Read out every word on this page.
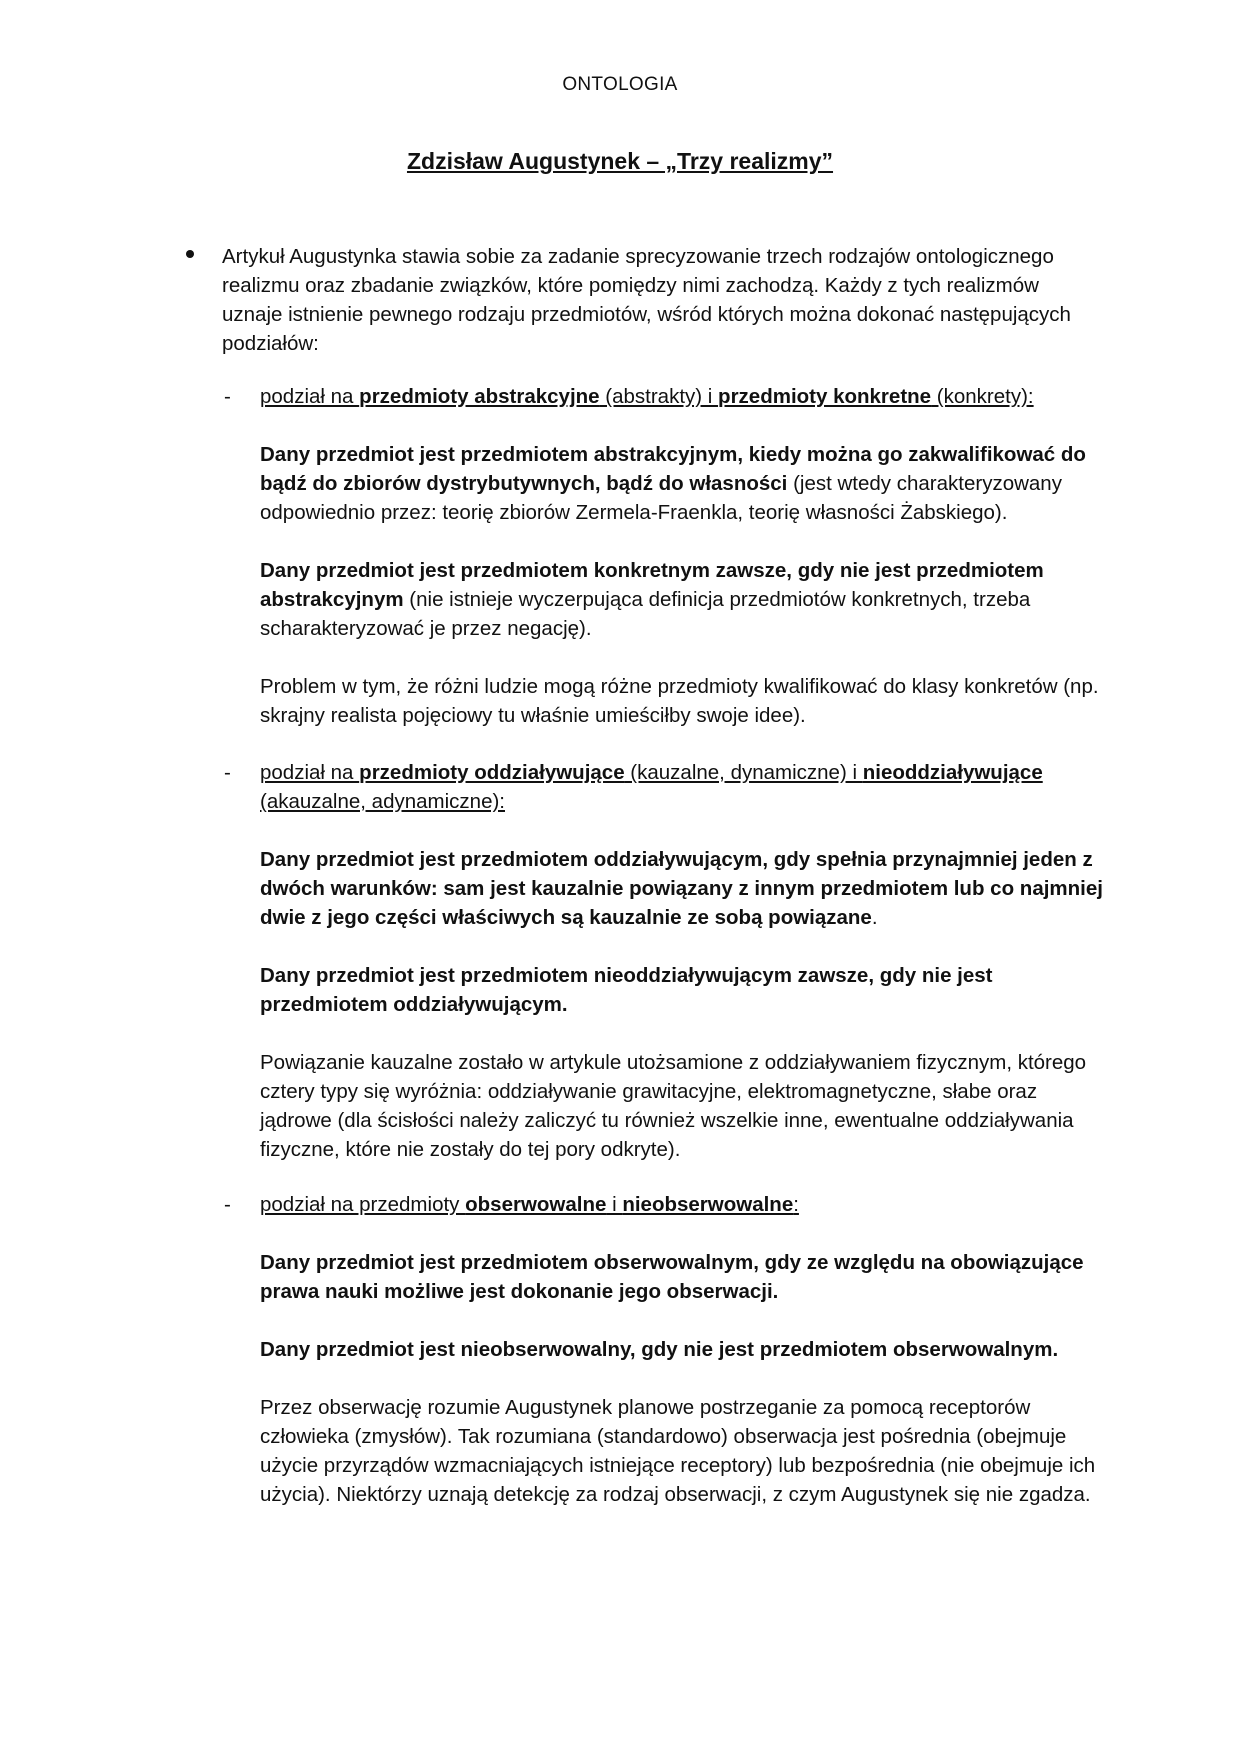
ONTOLOGIA
Zdzisław Augustynek – „Trzy realizmy”

Artykuł Augustynka stawia sobie za zadanie sprecyzowanie trzech rodzajów ontologicznego realizmu oraz zbadanie związków, które pomiędzy nimi zachodzą. Każdy z tych realizmów uznaje istnienie pewnego rodzaju przedmiotów, wśród których można dokonać następujących podziałów:

- podział na przedmioty abstrakcyjne (abstrakty) i przedmioty konkretne (konkrety):

Dany przedmiot jest przedmiotem abstrakcyjnym, kiedy można go zakwalifikować do bądź do zbiorów dystrybutywnych, bądź do własności (jest wtedy charakteryzowany odpowiednio przez: teorię zbiorów Zermela-Fraenkla, teorię własności Żabskiego).

Dany przedmiot jest przedmiotem konkretnym zawsze, gdy nie jest przedmiotem abstrakcyjnym (nie istnieje wyczerpująca definicja przedmiotów konkretnych, trzeba scharakteryzować je przez negację).

Problem w tym, że różni ludzie mogą różne przedmioty kwalifikować do klasy konkretów (np. skrajny realista pojęciowy tu właśnie umieściłby swoje idee).

- podział na przedmioty oddziaływujące (kauzalne, dynamiczne) i nieoddziaływujące (akauzalne, adynamiczne):

Dany przedmiot jest przedmiotem oddziaływującym, gdy spełnia przynajmniej jeden z dwóch warunków: sam jest kauzalnie powiązany z innym przedmiotem lub co najmniej dwie z jego części właściwych są kauzalnie ze sobą powiązane.

Dany przedmiot jest przedmiotem nieoddziaływującym zawsze, gdy nie jest przedmiotem oddziaływującym.

Powiązanie kauzalne zostało w artykule utożsamione z oddziaływaniem fizycznym, którego cztery typy się wyróżnia: oddziaływanie grawitacyjne, elektromagnetyczne, słabe oraz jądrowe (dla ścisłości należy zaliczyć tu również wszelkie inne, ewentualne oddziaływania fizyczne, które nie zostały do tej pory odkryte).

- podział na przedmioty obserwowalne i nieobserwowalne:

Dany przedmiot jest przedmiotem obserwowalnym, gdy ze względu na obowiązujące prawa nauki możliwe jest dokonanie jego obserwacji.

Dany przedmiot jest nieobserwowalny, gdy nie jest przedmiotem obserwowalnym.

Przez obserwację rozumie Augustynek planowe postrzeganie za pomocą receptorów człowieka (zmysłów). Tak rozumiana (standardowo) obserwacja jest pośrednia (obejmuje użycie przyrządów wzmacniających istniejące receptory) lub bezpośrednia (nie obejmuje ich użycia). Niektórzy uznają detekcję za rodzaj obserwacji, z czym Augustynek się nie zgadza.
